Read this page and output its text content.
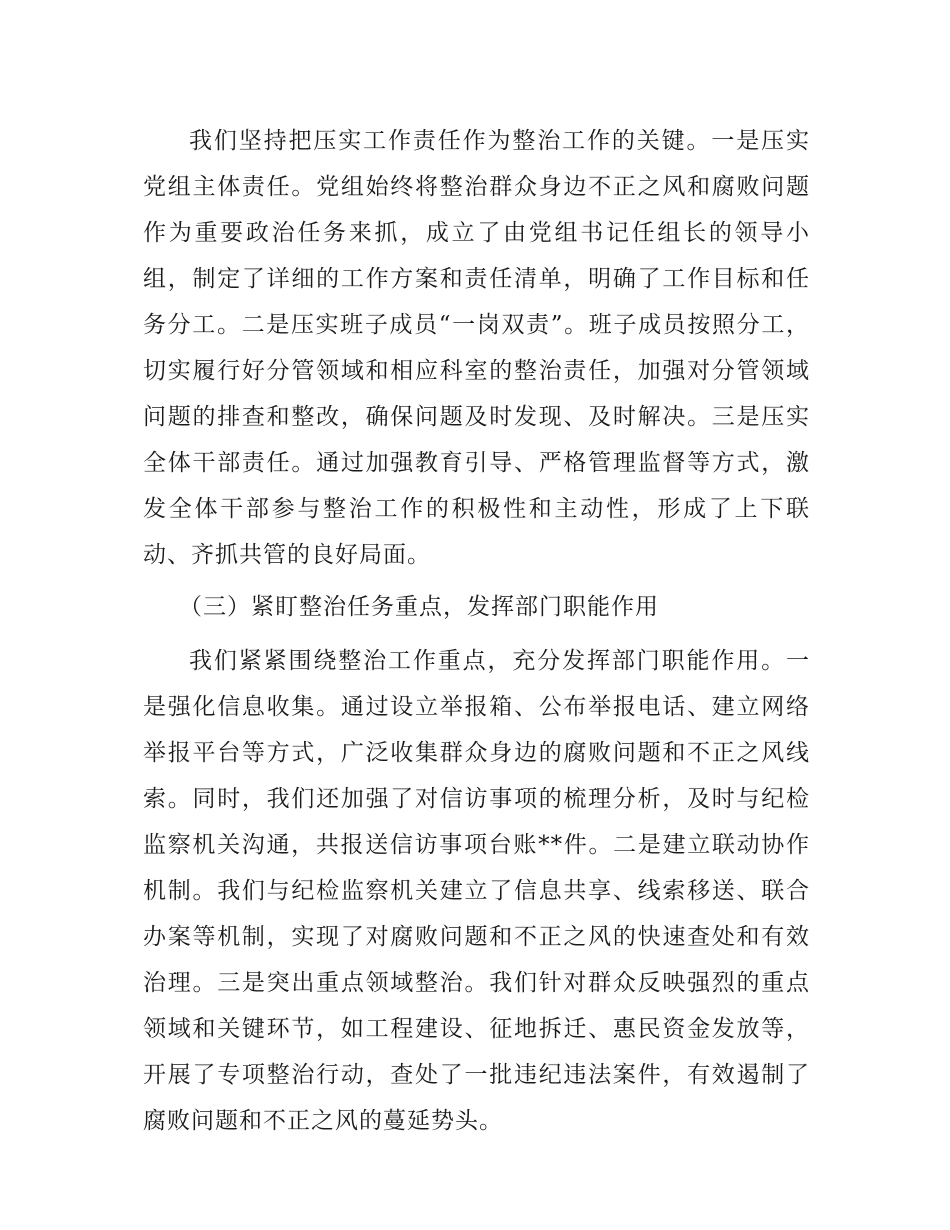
我们坚持把压实工作责任作为整治工作的关键。一是压实党组主体责任。党组始终将整治群众身边不正之风和腐败问题作为重要政治任务来抓，成立了由党组书记任组长的领导小组，制定了详细的工作方案和责任清单，明确了工作目标和任务分工。二是压实班子成员“一岗双责”。班子成员按照分工，切实履行好分管领域和相应科室的整治责任，加强对分管领域问题的排查和整改，确保问题及时发现、及时解决。三是压实全体干部责任。通过加强教育引导、严格管理监督等方式，激发全体干部参与整治工作的积极性和主动性，形成了上下联动、齐抓共管的良好局面。

（三）紧盯整治任务重点，发挥部门职能作用

我们紧紧围绕整治工作重点，充分发挥部门职能作用。一是强化信息收集。通过设立举报箱、公布举报电话、建立网络举报平台等方式，广泛收集群众身边的腐败问题和不正之风线索。同时，我们还加强了对信访事项的梳理分析，及时与纪检监察机关沟通，共报送信访事项台账**件。二是建立联动协作机制。我们与纪检监察机关建立了信息共享、线索移送、联合办案等机制，实现了对腐败问题和不正之风的快速查处和有效治理。三是突出重点领域整治。我们针对群众反映强烈的重点领域和关键环节，如工程建设、征地拆迁、惠民资金发放等，开展了专项整治行动，查处了一批违纪违法案件，有效遏制了腐败问题和不正之风的蔓延势头。
